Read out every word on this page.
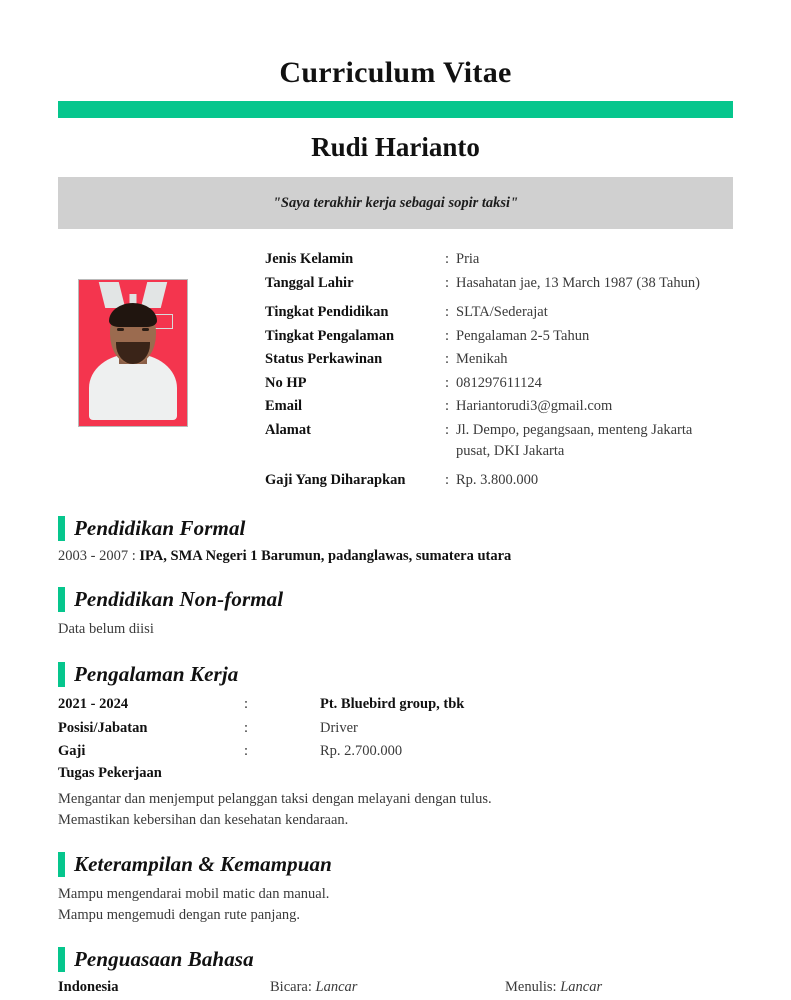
Curriculum Vitae
Rudi Harianto
"Saya terakhir kerja sebagai sopir taksi"
Jenis Kelamin	: Pria
Tanggal Lahir	: Hasahatan jae, 13 March 1987 (38 Tahun)
Tingkat Pendidikan	: SLTA/Sederajat
Tingkat Pengalaman	: Pengalaman 2-5 Tahun
Status Perkawinan	: Menikah
No HP	: 081297611124
Email	: Hariantorudi3@gmail.com
Alamat	: Jl. Dempo, pegangsaan, menteng Jakarta pusat, DKI Jakarta
Gaji Yang Diharapkan	: Rp. 3.800.000
Pendidikan Formal
2003 - 2007 : IPA, SMA Negeri 1 Barumun, padanglawas, sumatera utara
Pendidikan Non-formal
Data belum diisi
Pengalaman Kerja
2021 - 2024	:	Pt. Bluebird group, tbk
Posisi/Jabatan	:	Driver
Gaji	:	Rp. 2.700.000
Tugas Pekerjaan
Mengantar dan menjemput pelanggan taksi dengan melayani dengan tulus.
Memastikan kebersihan dan kesehatan kendaraan.
Keterampilan & Kemampuan
Mampu mengendarai mobil matic dan manual.
Mampu mengemudi dengan rute panjang.
Penguasaan Bahasa
Indonesia	Bicara: Lancar	Menulis: Lancar
